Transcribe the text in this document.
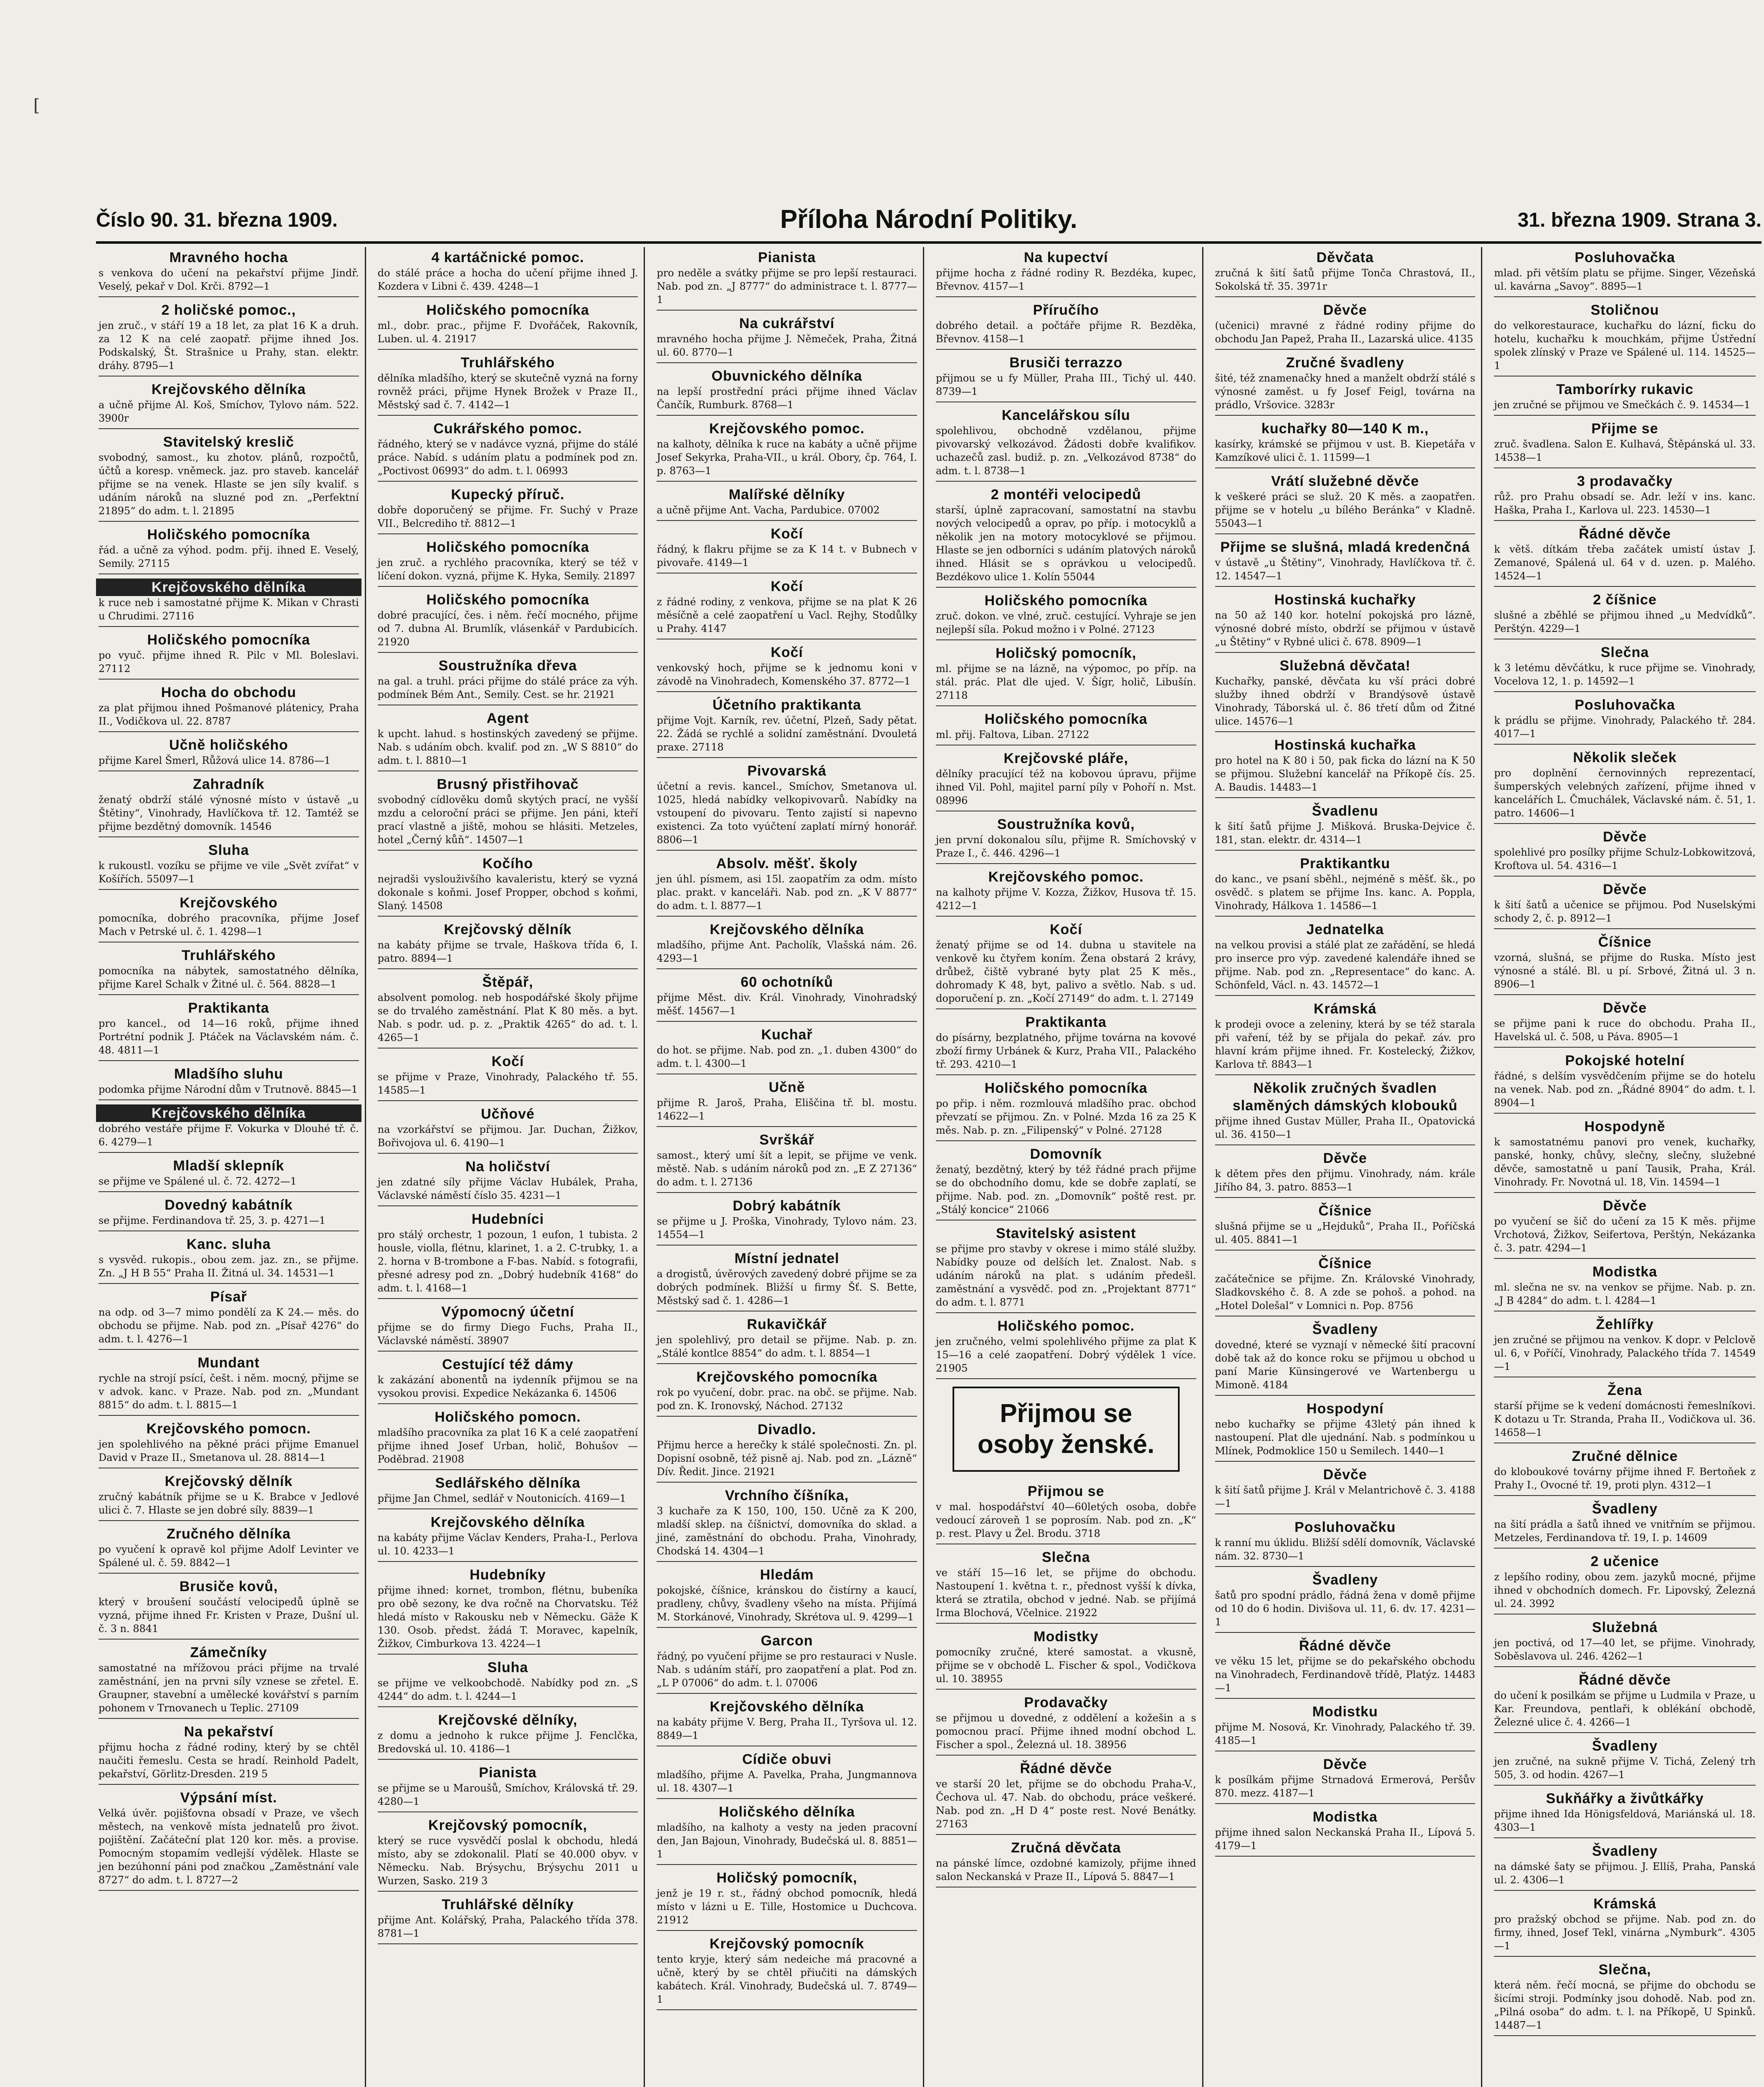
[
Číslo 90. 31. března 1909.	Příloha Národní Politiky.	31. března 1909. Strana 3.
Mravného hocha
s venkova do učení na pekařství přijme Jindř. Veselý, pekař v Dol. Krči. 8792—1
2 holičské pomoc.,
jen zruč., v stáří 19 a 18 let, za plat 16 K a druh. za 12 K na celé zaopatř. přijme ihned Jos. Podskalský, Št. Strašnice u Prahy, stan. elektr. dráhy. 8795—1
Krejčovského dělníka
a učně přijme Al. Koš, Smíchov, Tylovo nám. 522. 3900r
Stavitelský kreslič
svobodný, samost., ku zhotov. plánů, rozpočtů, účtů a koresp. vněmeck. jaz. pro staveb. kancelář přijme se na venek. Hlaste se jen síly kvalif. s udáním nároků na sluzné pod zn. „Perfektní 21895“ do adm. t. l. 21895
Holičského pomocníka
řád. a učně za výhod. podm. přij. ihned E. Veselý, Semily. 27115
Krejčovského dělníka
k ruce neb i samostatné přijme K. Mikan v Chrasti u Chrudimi. 27116
Holičského pomocníka
po vyuč. přijme ihned R. Pilc v Ml. Boleslavi. 27112
Hocha do obchodu
za plat přijmou ihned Pošmanové plátenicy, Praha II., Vodičkova ul. 22. 8787
Učně holičského
přijme Karel Šmerl, Růžová ulice 14. 8786—1
Zahradník
ženatý obdrží stálé výnosné místo v ústavě „u Štětiny“, Vinohrady, Havlíčkova tř. 12. Tamtéž se přijme bezdětný domovník. 14546
Sluha
k rukoustl. vozíku se přijme ve vile „Svět zvířat“ v Košířích. 55097—1
Krejčovského
pomocníka, dobrého pracovníka, přijme Josef Mach v Petrské ul. č. 1. 4298—1
Truhlářského
pomocníka na nábytek, samostatného dělníka, přijme Karel Schalk v Žitné ul. č. 564. 8828—1
Praktikanta
pro kancel., od 14—16 roků, přijme ihned Portrétní podnik J. Ptáček na Václavském nám. č. 48. 4811—1
Mladšího sluhu
podomka přijme Národní dům v Trutnově. 8845—1
Krejčovského dělníka
dobrého vestáře přijme F. Vokurka v Dlouhé tř. č. 6. 4279—1
Mladší sklepník
se přijme ve Spálené ul. č. 72. 4272—1
Dovedný kabátník
se přijme. Ferdinandova tř. 25, 3. p. 4271—1
Kanc. sluha
s vysvěd. rukopis., obou zem. jaz. zn., se přijme. Zn. „J H B 55“ Praha II. Žitná ul. 34. 14531—1
Písař
na odp. od 3—7 mimo pondělí za K 24.— měs. do obchodu se přijme. Nab. pod zn. „Písař 4276“ do adm. t. l. 4276—1
Mundant
rychle na strojí psící, češt. i něm. mocný, přijme se v advok. kanc. v Praze. Nab. pod zn. „Mundant 8815“ do adm. t. l. 8815—1
Krejčovského pomocn.
jen spolehlivého na pěkné práci přijme Emanuel David v Praze II., Smetanova ul. 28. 8814—1
Krejčovský dělník
zručný kabátník přijme se u K. Brabce v Jedlové ulici č. 7. Hlaste se jen dobré síly. 8839—1
Zručného dělníka
po vyučení k opravě kol přijme Adolf Levinter ve Spálené ul. č. 59. 8842—1
Brusiče kovů,
který v broušení součástí velocipedů úplně se vyzná, přijme ihned Fr. Kristen v Praze, Dušní ul. č. 3 n. 8841
Zámečníky
samostatné na mřížovou práci přijme na trvalé zaměstnání, jen na prvni síly vznese se zřetel. E. Graupner, stavební a umělecké kovářství s parním pohonem v Trnovanech u Teplic. 27109
Na pekařství
přijmu hocha z řádné rodiny, který by se chtěl naučiti řemeslu. Cesta se hradí. Reinhold Padelt, pekařství, Görlitz-Dresden. 219 5
Výpsání míst.
Velká úvěr. pojišťovna obsadí v Praze, ve všech městech, na venkově místa jednatelů pro život. pojištění. Začáteční plat 120 kor. měs. a provise. Pomocným stopamím vedlejší výdělek. Hlaste se jen bezúhonní páni pod značkou „Zaměstnání vale 8727“ do adm. t. l. 8727—2
4 kartáčnické pomoc.
do stálé práce a hocha do učení přijme ihned J. Kozdera v Libni č. 439. 4248—1
Holičského pomocníka
ml., dobr. prac., přijme F. Dvořáček, Rakovník, Luben. ul. 4. 21917
Truhlářského
dělníka mladšího, který se skutečně vyzná na forny rovněž práci, přijme Hynek Brožek v Praze II., Městský sad č. 7. 4142—1
Cukrářského pomoc.
řádného, který se v nadávce vyzná, přijme do stálé práce. Nabíd. s udáním platu a podmínek pod zn. „Poctivost 06993“ do adm. t. l. 06993
Kupecký příruč.
dobře doporučený se přijme. Fr. Suchý v Praze VII., Belcrediho tř. 8812—1
Holičského pomocníka
jen zruč. a rychlého pracovníka, který se též v líčení dokon. vyzná, přijme K. Hyka, Semily. 21897
Holičského pomocníka
dobré pracující, čes. i něm. řečí mocného, přijme od 7. dubna Al. Brumlík, vlásenkář v Pardubicích. 21920
Soustružníka dřeva
na gal. a truhl. práci přijme do stálé práce za výh. podmínek Bém Ant., Semily. Cest. se hr. 21921
Agent
k upcht. lahud. s hostinských zavedený se přijme. Nab. s udáním obch. kvalif. pod zn. „W S 8810“ do adm. t. l. 8810—1
Brusný přistřihovač
svobodný cídlověku domů skytých prací, ne vyšší mzdu a celoroční práci se přijme. Jen páni, kteří prací vlastně a jiště, mohou se hlásiti. Metzeles, hotel „Černý kůň“. 14507—1
Kočího
nejradši vyslouživšího kavaleristu, který se vyzná dokonale s koňmi. Josef Propper, obchod s koňmi, Slaný. 14508
Krejčovský dělník
na kabáty přijme se trvale, Haškova třída 6, I. patro. 8894—1
Štěpář,
absolvent pomolog. neb hospodářské školy přijme se do trvalého zaměstnání. Plat K 80 měs. a byt. Nab. s podr. ud. p. z. „Praktik 4265“ do ad. t. l. 4265—1
Kočí
se přijme v Praze, Vinohrady, Palackého tř. 55. 14585—1
Učňové
na vzorkářství se přijmou. Jar. Duchan, Žižkov, Bořivojova ul. 6. 4190—1
Na holičství
jen zdatné síly přijme Václav Hubálek, Praha, Václavské náměstí číslo 35. 4231—1
Hudebníci
pro stálý orchestr, 1 pozoun, 1 eufon, 1 tubista. 2 housle, violla, flétnu, klarinet, 1. a 2. C-trubky, 1. a 2. horna v B-trombone a F-bas. Nabíd. s fotografii, přesné adresy pod zn. „Dobrý hudebník 4168“ do adm. t. l. 4168—1
Výpomocný účetní
přijme se do firmy Diego Fuchs, Praha II., Václavské náměstí. 38907
Cestující též dámy
k zakázání abonentů na iydenník přijmou se na vysokou provisi. Expedice Nekázanka 6. 14506
Holičského pomocn.
mladšího pracovníka za plat 16 K a celé zaopatření přijme ihned Josef Urban, holič, Bohušov — Poděbrad. 21908
Sedlářského dělníka
přijme Jan Chmel, sedlář v Noutonicích. 4169—1
Krejčovského dělníka
na kabáty přijme Václav Kenders, Praha-I., Perlova ul. 10. 4233—1
Hudebníky
přijme ihned: kornet, trombon, flétnu, bubeníka pro obě sezony, ke dva ročně na Chorvatsku. Též hledá místo v Rakousku neb v Německu. Gäže K 130. Osob. předst. žádá T. Moravec, kapelník, Žižkov, Cimburkova 13. 4224—1
Sluha
se přijme ve velkoobchodě. Nabídky pod zn. „S 4244“ do adm. t. l. 4244—1
Krejčovské dělníky,
z domu a jednoho k rukce přijme J. Fenclčka, Bredovská ul. 10. 4186—1
Pianista
se přijme se u Maroušů, Smíchov, Královská tř. 29. 4280—1
Krejčovský pomocník,
který se ruce vysvědčí poslal k obchodu, hledá místo, aby se zdokonalil. Platí se 40.000 obyv. v Německu. Nab. Brýsychu, Brýsychu 2011 u Wurzen, Sasko. 219 3
Truhlářské dělníky
přijme Ant. Kolářský, Praha, Palackého třída 378. 8781—1
Pianista
pro neděle a svátky přijme se pro lepší restauraci. Nab. pod zn. „J 8777“ do administrace t. l. 8777—1
Na cukrářství
mravného hocha přijme J. Němeček, Praha, Žitná ul. 60. 8770—1
Obuvnického dělníka
na lepší prostřední práci přijme ihned Václav Čančík, Rumburk. 8768—1
Krejčovského pomoc.
na kalhoty, dělníka k ruce na kabáty a učně přijme Josef Sekyrka, Praha-VII., u král. Obory, čp. 764, I. p. 8763—1
Malířské dělníky
a učně přijme Ant. Vacha, Pardubice. 07002
Kočí
řádný, k flakru přijme se za K 14 t. v Bubnech v pivovaře. 4149—1
Kočí
z řádné rodiny, z venkova, přijme se na plat K 26 měsíčně a celé zaopatření u Vacl. Rejhy, Stodůlky u Prahy. 4147
Kočí
venkovský hoch, přijme se k jednomu koni v závodě na Vinohradech, Komenského 37. 8772—1
Účetního praktikanta
přijme Vojt. Karník, rev. účetní, Plzeň, Sady pětat. 22. Žádá se rychlé a solidní zaměstnání. Dvouletá praxe. 27118
Pivovarská
účetní a revis. kancel., Smíchov, Smetanova ul. 1025, hledá nabídky velkopivovarů. Nabídky na vstoupení do pivovaru. Tento zajistí si napevno existenci. Za toto vyúčtení zaplatí mírný honorář. 8806—1
Absolv. měšť. školy
jen úhl. písmem, asi 15l. zaopatřím za odm. místo plac. prakt. v kanceláři. Nab. pod zn. „K V 8877“ do adm. t. l. 8877—1
Krejčovského dělníka
mladšího, přijme Ant. Pacholík, Vlašská nám. 26. 4293—1
60 ochotníků
přijme Měst. div. Král. Vinohrady, Vinohradský měšť. 14567—1
Kuchař
do hot. se přijme. Nab. pod zn. „1. duben 4300“ do adm. t. l. 4300—1
Učně
přijme R. Jaroš, Praha, Eliščina tř. bl. mostu. 14622—1
Svrškář
samost., který umí šít a lepit, se přijme ve venk. městě. Nab. s udáním nároků pod zn. „E Z 27136“ do adm. t. l. 27136
Dobrý kabátník
se přijme u J. Proška, Vinohrady, Tylovo nám. 23. 14554—1
Místní jednatel
a drogistů, úvěrových zavedený dobré přijme se za dobrých podmínek. Bližší u firmy Šť. S. Bette, Městský sad č. 1. 4286—1
Rukavičkář
jen spolehlivý, pro detail se přijme. Nab. p. zn. „Stálé kontlce 8854“ do adm. t. l. 8854—1
Krejčovského pomocníka
rok po vyučení, dobr. prac. na obč. se přijme. Nab. pod zn. K. Ironovský, Náchod. 27132
Divadlo.
Přijmu herce a herečky k stálé společnosti. Zn. pl. Dopisní osobně, též pisně aj. Nab. pod zn. „Lázně“ Dív. Ředit. Jince. 21921
Vrchního číšníka,
3 kuchaře za K 150, 100, 150. Učně za K 200, mladší sklep. na číšnictví, domovníka do sklad. a jiné, zaměstnání do obchodu. Praha, Vinohrady, Chodská 14. 4304—1
Hledám
pokojské, číšnice, kránskou do čistírny a kaucí, pradleny, chůvy, švadleny všeho na místa. Přijímá M. Storkánové, Vinohrady, Skrétova ul. 9. 4299—1
Garcon
řádný, po vyučení přijme se pro restauraci v Nusle. Nab. s udáním stáří, pro zaopatření a plat. Pod zn. „L P 07006“ do adm. t. l. 07006
Krejčovského dělníka
na kabáty přijme V. Berg, Praha II., Tyršova ul. 12. 8849—1
Cídiče obuvi
mladšího, přijme A. Pavelka, Praha, Jungmannova ul. 18. 4307—1
Holičského dělníka
mladšího, na kalhoty a vesty na jeden pracovní den, Jan Bajoun, Vinohrady, Budečská ul. 8. 8851—1
Holičský pomocník,
jenž je 19 r. st., řádný obchod pomocník, hledá místo v lázni u E. Tille, Hostomice u Duchcova. 21912
Krejčovský pomocník
tento kryje, který sám nedeiche má pracovné a učně, který by se chtěl přiučiti na dámských kabátech. Král. Vinohrady, Budečská ul. 7. 8749—1
Na kupectví
přijme hocha z řádné rodiny R. Bezdéka, kupec, Břevnov. 4157—1
Příručího
dobrého detail. a počtáře přijme R. Bezděka, Břevnov. 4158—1
Brusiči terrazzo
přijmou se u fy Müller, Praha III., Tichý ul. 440. 8739—1
Kancelářskou sílu
spolehlivou, obchodně vzdělanou, přijme pivovarský velkozávod. Žádosti dobře kvalifikov. uchazečů zasl. budiž. p. zn. „Velkozávod 8738“ do adm. t. l. 8738—1
2 montéři velocipedů
starší, úplně zapracovaní, samostatní na stavbu nových velocipedů a oprav, po příp. i motocyklů a několik jen na motory motocyklové se přijmou. Hlaste se jen odborníci s udáním platových nároků ihned. Hlásit se s oprávkou u velocipedů. Bezdékovo ulice 1. Kolín 55044
Holičského pomocníka
zruč. dokon. ve vlné, zruč. cestující. Vyhraje se jen nejlepší síla. Pokud možno i v Polné. 27123
Holičský pomocník,
ml. přijme se na lázně, na výpomoc, po příp. na stál. prác. Plat dle ujed. V. Šígr, holič, Libušín. 27118
Holičského pomocníka
ml. přij. Faltova, Liban. 27122
Krejčovské pláře,
dělníky pracující též na kobovou úpravu, přijme ihned Vil. Pohl, majitel parní píly v Pohoří n. Mst. 08996
Soustružníka kovů,
jen první dokonalou sílu, přijme R. Smíchovský v Praze I., č. 446. 4296—1
Krejčovského pomoc.
na kalhoty přijme V. Kozza, Žižkov, Husova tř. 15. 4212—1
Kočí
ženatý přijme se od 14. dubna u stavitele na venkově ku čtyřem koním. Žena obstará 2 krávy, drůbež, čiště vybrané byty plat 25 K měs., dohromady K 48, byt, palivo a světlo. Nab. s ud. doporučení p. zn. „Kočí 27149“ do adm. t. l. 27149
Praktikanta
do písárny, bezplatného, přijme továrna na kovové zboží firmy Urbánek & Kurz, Praha VII., Palackého tř. 293. 4210—1
Holičského pomocníka
po přip. i něm. rozmlouvá mladšího prac. obchod převzatí se přijmou. Zn. v Polné. Mzda 16 za 25 K měs. Nab. p. zn. „Filipenský“ v Polné. 27128
Domovník
ženatý, bezdětný, který by též řádné prach přijme se do obchodního domu, kde se dobře zaplatí, se přijme. Nab. pod. zn. „Domovník“ poště rest. pr. „Stálý koncice“ 21066
Stavitelský asistent
se přijme pro stavby v okrese i mimo stálé služby. Nabídky pouze od delších let. Znalost. Nab. s udáním nároků na plat. s udáním předešl. zaměstnání a vysvědč. pod zn. „Projektant 8771“ do adm. t. l. 8771
Holičského pomoc.
jen zručného, velmi spolehlivého přijme za plat K 15—16 a celé zaopatření. Dobrý výdělek 1 více. 21905
Přijmou se osoby ženské.
Přijmou se
v mal. hospodářství 40—60letých osoba, dobře vedoucí zároveň 1 se poprosím. Nab. pod zn. „K“ p. rest. Plavy u Žel. Brodu. 3718
Slečna
ve stáří 15—16 let, se přijme do obchodu. Nastoupení 1. května t. r., přednost vyšší k dívka, která se ztratila, obchod v jedné. Nab. se přijímá Irma Blochová, Včelnice. 21922
Modistky
pomocníky zručné, které samostat. a vkusně, přijme se v obchodě L. Fischer & spol., Vodičkova ul. 10. 38955
Prodavačky
se přijmou u dovedné, z oddělení a kožešin a s pomocnou prací. Přijme ihned modní obchod L. Fischer a spol., Železná ul. 18. 38956
Řádné děvče
ve starší 20 let, přijme se do obchodu Praha-V., Čechova ul. 47. Nab. do obchodu, práce veškeré. Nab. pod zn. „H D 4“ poste rest. Nové Benátky. 27163
Zručná děvčata
na pánské límce, ozdobné kamizoly, přijme ihned salon Neckanská v Praze II., Lípová 5. 8847—1
Děvčata
zručná k šití šatů přijme Tonča Chrastová, II., Sokolská tř. 35. 3971r
Děvče
(učenici) mravné z řádné rodiny přijme do obchodu Jan Papež, Praha II., Lazarská ulice. 4135
Zručné švadleny
šité, též znamenačky hned a manželt obdrží stálé s výnosné zaměst. u fy Josef Feigl, továrna na prádlo, Vršovice. 3283r
kuchařky 80—140 K m.,
kasírky, krámské se přijmou v ust. B. Kiepetářa v Kamzíkové ulici č. 1. 11599—1
Vrátí služebné děvče
k veškeré práci se služ. 20 K měs. a zaopatřen. přijme se v hotelu „u bílého Beránka“ v Kladně. 55043—1
Přijme se slušná, mladá kredenčná
v ústavě „u Štětiny“, Vinohrady, Havlíčkova tř. č. 12. 14547—1
Hostinská kuchařky
na 50 až 140 kor. hotelní pokojská pro lázně, výnosné dobré místo, obdrží se přijmou v ústavě „u Štětiny“ v Rybné ulici č. 678. 8909—1
Služebná děvčata!
Kuchařky, panské, děvčata ku vší práci dobré služby ihned obdrží v Brandýsově ústavě Vinohrady, Táborská ul. č. 86 třetí dům od Žitné ulice. 14576—1
Hostinská kuchařka
pro hotel na K 80 i 50, pak ficka do lázní na K 50 se přijmou. Služební kancelář na Příkopě čís. 25. A. Baudis. 14483—1
Švadlenu
k šití šatů přijme J. Mišková. Bruska-Dejvice č. 181, stan. elektr. dr. 4314—1
Praktikantku
do kanc., ve psaní sběhl., nejméně s měšť. šk., po osvědč. s platem se přijme Ins. kanc. A. Poppla, Vinohrady, Hálkova 1. 14586—1
Jednatelka
na velkou provisi a stálé plat ze zařádění, se hledá pro inserce pro výp. zavedené kalendáře ihned se přijme. Nab. pod zn. „Representace“ do kanc. A. Schönfeld, Václ. n. 43. 14572—1
Krámská
k prodeji ovoce a zeleniny, která by se též starala při vaření, též by se přijala do pekař. záv. pro hlavní krám přijme ihned. Fr. Kostelecký, Žižkov, Karlova tř. 8843—1
Několik zručných švadlen slaměných dámských klobouků
přijme ihned Gustav Müller, Praha II., Opatovická ul. 36. 4150—1
Děvče
k dětem přes den přijmu. Vinohrady, nám. krále Jiřího 84, 3. patro. 8853—1
Číšnice
slušná přijme se u „Hejduků“, Praha II., Poříčská ul. 405. 8841—1
Číšnice
začátečnice se přijme. Zn. Královské Vinohrady, Sladkovského č. 8. A zde se pohoš. a pohod. na „Hotel Dolešal“ v Lomnici n. Pop. 8756
Švadleny
dovedné, které se vyznají v německé šití pracovní době tak až do konce roku se přijmou u obchod u paní Marie Künsingerové ve Wartenbergu u Mimoně. 4184
Hospodyní
nebo kuchařky se přijme 43letý pán ihned k nastoupení. Plat dle ujednání. Nab. s podmínkou u Mlínek, Podmoklice 150 u Semilech. 1440—1
Děvče
k šití šatů přijme J. Král v Melantrichově č. 3. 4188—1
Posluhovačku
k ranní mu úklidu. Bližší sdělí domovník, Václavské nám. 32. 8730—1
Švadleny
šatů pro spodní prádlo, řádná žena v domě přijme od 10 do 6 hodin. Divišova ul. 11, 6. dv. 17. 4231—1
Řádné děvče
ve věku 15 let, přijme se do pekařského obchodu na Vinohradech, Ferdinandově třídě, Platýz. 14483—1
Modistku
přijme M. Nosová, Kr. Vinohrady, Palackého tř. 39. 4185—1
Děvče
k posílkám přijme Strnadová Ermerová, Peršův 870. mezz. 4187—1
Modistka
přijme ihned salon Neckanská Praha II., Lípová 5. 4179—1
Posluhovačka
mlad. při větším platu se přijme. Singer, Vězeňská ul. kavárna „Savoy“. 8895—1
Stoličnou
do velkorestaurace, kuchařku do lázní, ficku do hotelu, kuchařku k mouchkám, přijme Ústřední spolek zlínský v Praze ve Spálené ul. 114. 14525—1
Tamborírky rukavic
jen zručné se přijmou ve Smečkách č. 9. 14534—1
Přijme se
zruč. švadlena. Salon E. Kulhavá, Štěpánská ul. 33. 14538—1
3 prodavačky
růž. pro Prahu obsadí se. Adr. leží v ins. kanc. Haška, Praha I., Karlova ul. 223. 14530—1
Řádné děvče
k větš. dítkám třeba začátek umistí ústav J. Zemanové, Spálená ul. 64 v d. uzen. p. Malého. 14524—1
2 číšnice
slušné a zběhlé se přijmou ihned „u Medvídků“. Perštýn. 4229—1
Slečna
k 3 letému děvčátku, k ruce přijme se. Vinohrady, Vocelova 12, 1. p. 14592—1
Posluhovačka
k prádlu se přijme. Vinohrady, Palackého tř. 284. 4017—1
Několik sleček
pro doplnění černovinných reprezentací, šumperských velebných zařízení, přijme ihned v kancelářích L. Čmuchálek, Václavské nám. č. 51, 1. patro. 14606—1
Děvče
spolehlivé pro posílky přijme Schulz-Lobkowitzová, Kroftova ul. 54. 4316—1
Děvče
k šití šatů a učenice se přijmou. Pod Nuselskými schody 2, č. p. 8912—1
Číšnice
vzorná, slušná, se přijme do Ruska. Místo jest výnosné a stálé. Bl. u pí. Srbové, Žitná ul. 3 n. 8906—1
Děvče
se přijme pani k ruce do obchodu. Praha II., Havelská ul. č. 508, u Páva. 8905—1
Pokojské hotelní
řádné, s delším vysvědčením přijme se do hotelu na venek. Nab. pod zn. „Řádné 8904“ do adm. t. l. 8904—1
Hospodyně
k samostatnému panovi pro venek, kuchařky, panské, honky, chůvy, slečny, slečny, služebné děvče, samostatně u paní Tausik, Praha, Král. Vinohrady. Fr. Novotná ul. 18, Vin. 14594—1
Děvče
po vyučení se šič do učení za 15 K měs. přijme Vrchotová, Žižkov, Seifertova, Perštýn, Nekázanka č. 3. patr. 4294—1
Modistka
ml. slečna ne sv. na venkov se přijme. Nab. p. zn. „J B 4284“ do adm. t. l. 4284—1
Žehlířky
jen zručné se přijmou na venkov. K dopr. v Pelclově ul. 6, v Poříčí, Vinohrady, Palackého třída 7. 14549—1
Žena
starší přijme se k vedení domácnosti řemeslníkovi. K dotazu u Tr. Stranda, Praha II., Vodičkova ul. 36. 14658—1
Zručné dělnice
do kloboukové továrny přijme ihned F. Bertoňek z Prahy I., Ovocné tř. 19, proti plyn. 4312—1
Švadleny
na šití prádla a šatů ihned ve vnitřním se přijmou. Metzeles, Ferdinandova tř. 19, I. p. 14609
2 učenice
z lepšího rodiny, obou zem. jazyků mocné, přijme ihned v obchodních domech. Fr. Lipovský, Železná ul. 24. 3992
Služebná
jen poctivá, od 17—40 let, se přijme. Vinohrady, Soběslavova ul. 246. 4262—1
Řádné děvče
do učení k posilkám se přijme u Ludmila v Praze, u Kar. Freundova, pentlaři, k oblékání obchodě, Železné ulice č. 4. 4266—1
Švadleny
jen zručné, na sukně přijme V. Tichá, Zelený trh 505, 3. od hodin. 4267—1
Sukňářky a živůtkářky
přijme ihned Ida Hönigsfeldová, Mariánská ul. 18. 4303—1
Švadleny
na dámské šaty se přijmou. J. Ellíš, Praha, Panská ul. 2. 4306—1
Krámská
pro pražský obchod se přijme. Nab. pod zn. do firmy, ihned, Josef Tekl, vinárna „Nymburk“. 4305—1
Slečna,
která něm. řečí mocná, se přijme do obchodu se šicími stroji. Podmínky jsou dohodě. Nab. pod zn. „Pilná osoba“ do adm. t. l. na Příkopě, U Spinků. 14487—1
